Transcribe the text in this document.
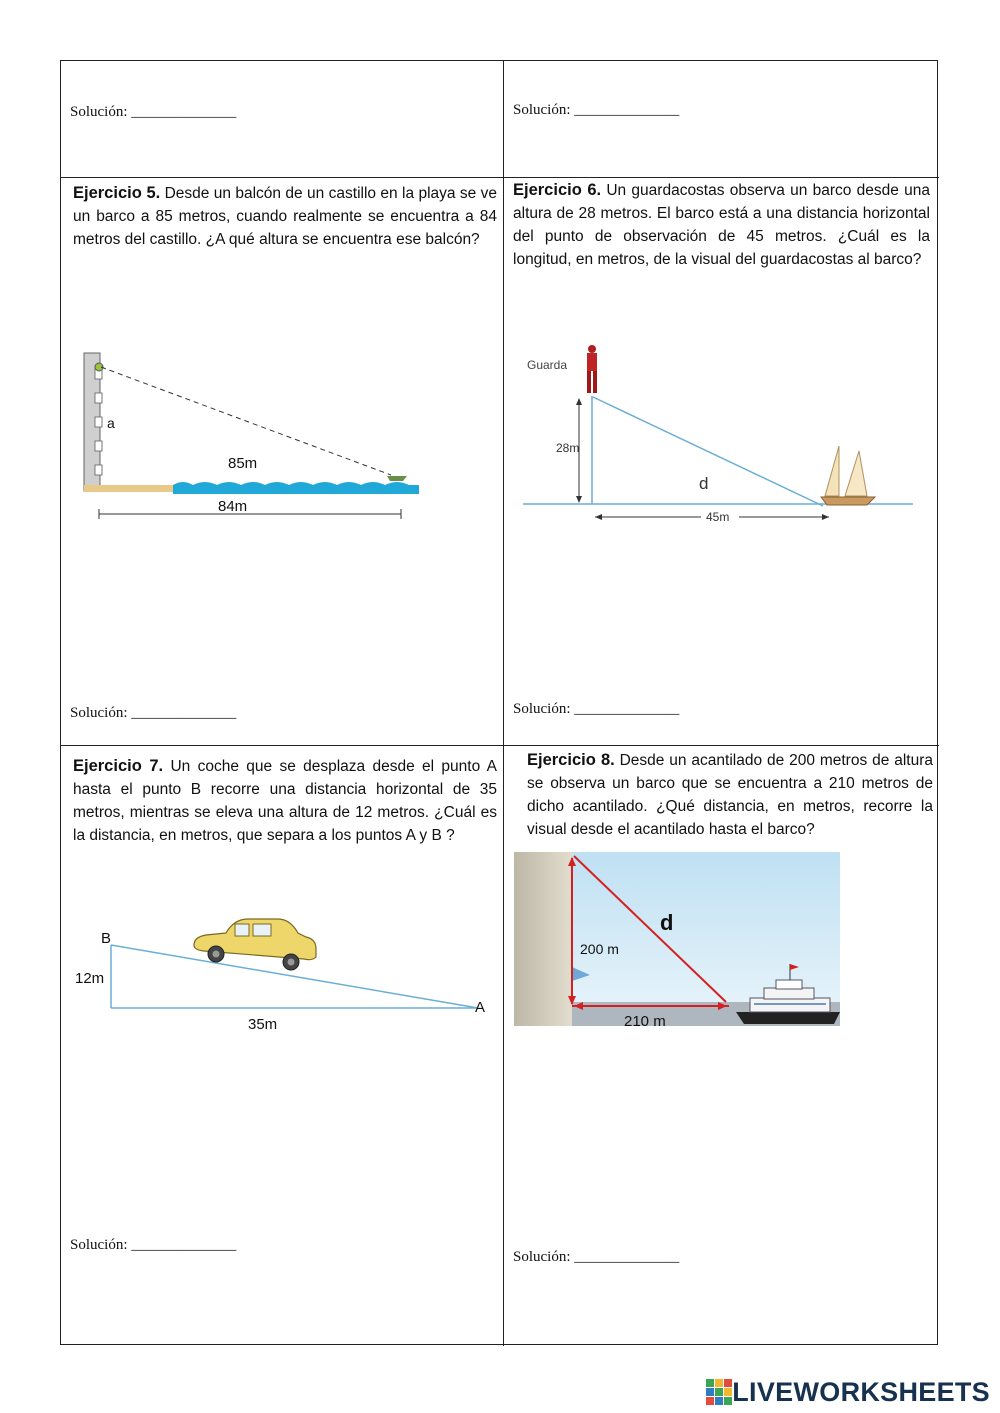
Solución: ______________	Solución: ______________
Ejercicio 5. Desde un balcón de un castillo en la playa se ve un barco a 85 metros, cuando realmente se encuentra a 84 metros del castillo. ¿A qué altura se encuentra ese balcón?
85m
a
84m
Solución: ______________
Ejercicio 6. Un guardacostas observa un barco desde una altura de 28 metros. El barco está a una distancia horizontal del punto de observación de 45 metros. ¿Cuál es la longitud, en metros, de la visual del guardacostas al barco?
Guarda
28m
d
45m
Solución: ______________
Ejercicio 7. Un coche que se desplaza desde el punto A hasta el punto B recorre una distancia horizontal de 35 metros, mientras se eleva una altura de 12 metros. ¿Cuál es la distancia, en metros, que separa a los puntos A y B ?
B
A
12m
35m
Solución: ______________
Ejercicio 8. Desde un acantilado de 200 metros de altura se observa un barco que se encuentra a 210 metros de dicho acantilado. ¿Qué distancia, en metros, recorre la visual desde el acantilado hasta el barco?
d
200 m
210 m
Solución: ______________
LIVEWORKSHEETS
